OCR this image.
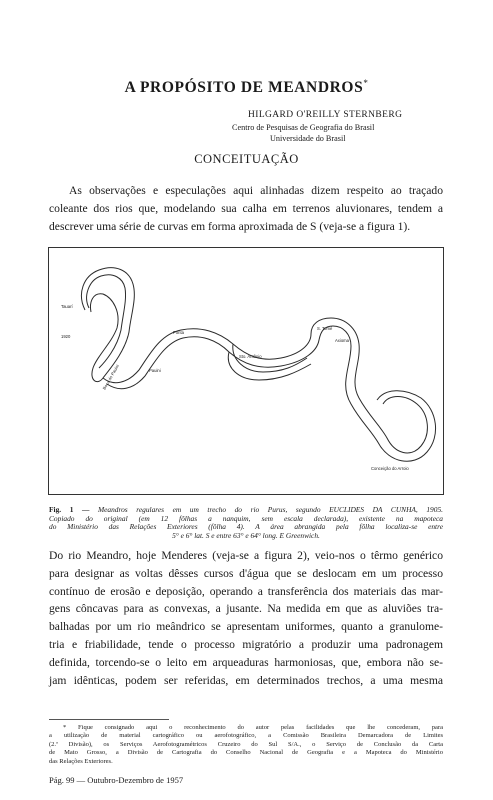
A PROPÓSITO DE MEANDROS*
HILGARD O'REILLY STERNBERG
Centro de Pesquisas de Geografia do Brasil
Universidade do Brasil
CONCEITUAÇÃO
As observações e especulações aqui alinhadas dizem respeito ao traçado
coleante dos rios que, modelando sua calha em terrenos aluvionares, tendem a
descrever uma série de curvas em forma aproximada de S (veja-se a figura 1).
Tauarí
1920
Boca do Pauini	Pauini
Sto. Antônio
S. Tomé
Axioma
Conceição do Arroio
Ponta
Fig. 1 — Meandros regulares em um trecho do rio Purus, segundo EUCLIDES DA CUNHA, 1905.
Copiado do original (em 12 fôlhas a nanquim, sem escala declarada), existente na mapoteca
do Ministério das Relações Exteriores (fôlha 4). A área abrangida pela fôlha localiza-se entre
5° e 6° lat. S e entre 63° e 64° long. E Greenwich.
Do rio Meandro, hoje Menderes (veja-se a figura 2), veio-nos o têrmo genérico
para designar as voltas dêsses cursos d'água que se deslocam em um processo
contínuo de erosão e deposição, operando a transferência dos materiais das mar-
gens côncavas para as convexas, a jusante. Na medida em que as aluviões tra-
balhadas por um rio meândrico se apresentam uniformes, quanto a granulome-
tria e friabilidade, tende o processo migratório a produzir uma padronagem
definida, torcendo-se o leito em arqueaduras harmoniosas, que, embora não se-
jam idênticas, podem ser referidas, em determinados trechos, a uma mesma
* Fique consignado aqui o reconhecimento do autor pelas facilidades que lhe concederam, para
a utilização de material cartográfico ou aerofotográfico, a Comissão Brasileira Demarcadora de Limites
(2.ª Divisão), os Serviços Aerofotogramétricos Cruzeiro do Sul S/A., o Serviço de Conclusão da Carta
de Mato Grosso, a Divisão de Cartografia do Conselho Nacional de Geografia e a Mapoteca do Ministério
das Relações Exteriores.
Pág. 99 — Outubro-Dezembro de 1957
